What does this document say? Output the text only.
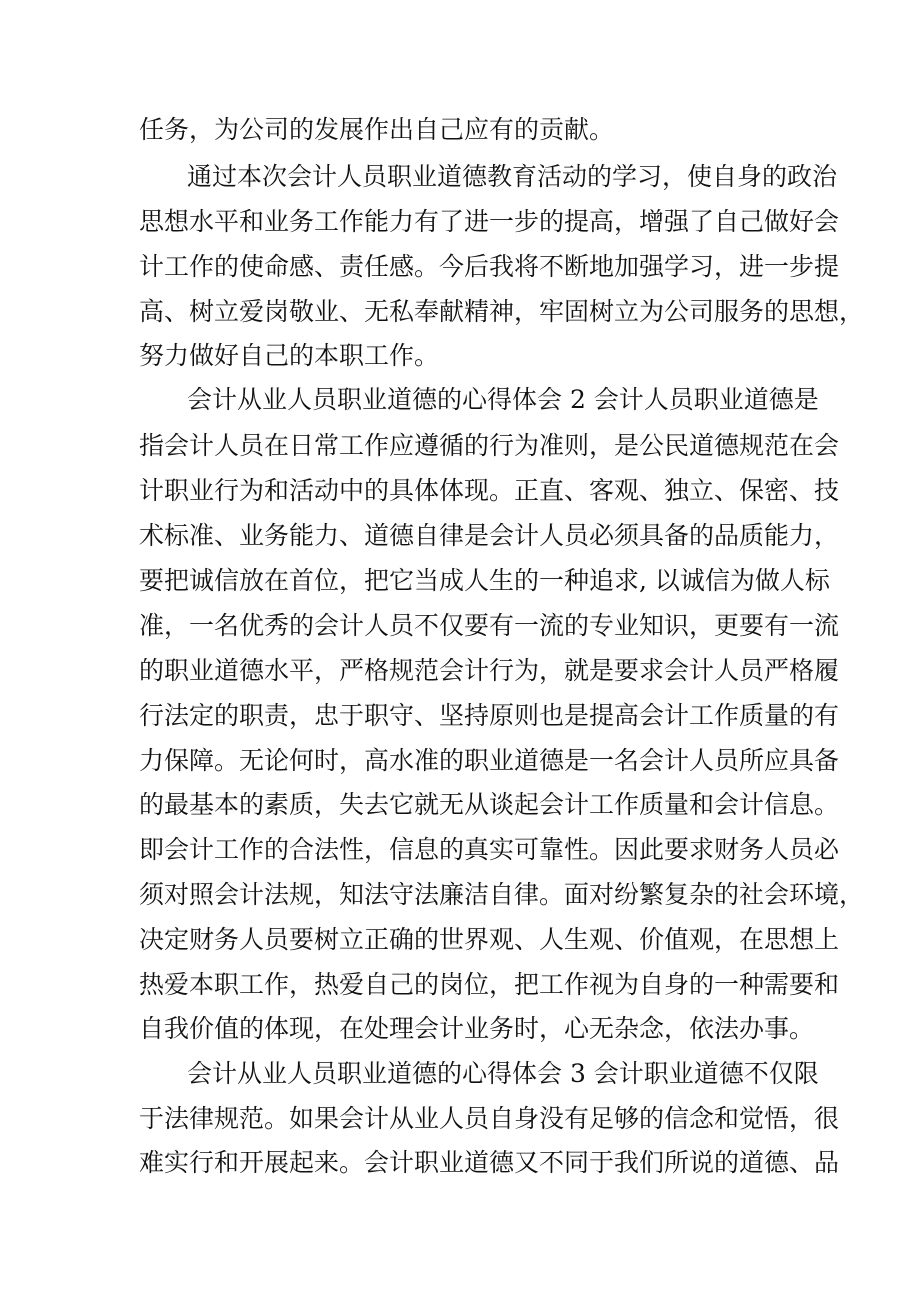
任务，为公司的发展作出自己应有的贡献。
通过本次会计人员职业道德教育活动的学习，使自身的政治
思想水平和业务工作能力有了进一步的提高，增强了自己做好会
计工作的使命感、责任感。今后我将不断地加强学习，进一步提
高、树立爱岗敬业、无私奉献精神，牢固树立为公司服务的思想，
努力做好自己的本职工作。
会计从业人员职业道德的心得体会 2 会计人员职业道德是
指会计人员在日常工作应遵循的行为准则，是公民道德规范在会
计职业行为和活动中的具体体现。正直、客观、独立、保密、技
术标准、业务能力、道德自律是会计人员必须具备的品质能力，
要把诚信放在首位，把它当成人生的一种追求, 以诚信为做人标
准，一名优秀的会计人员不仅要有一流的专业知识，更要有一流
的职业道德水平，严格规范会计行为，就是要求会计人员严格履
行法定的职责，忠于职守、坚持原则也是提高会计工作质量的有
力保障。无论何时，高水准的职业道德是一名会计人员所应具备
的最基本的素质，失去它就无从谈起会计工作质量和会计信息。
即会计工作的合法性，信息的真实可靠性。因此要求财务人员必
须对照会计法规，知法守法廉洁自律。面对纷繁复杂的社会环境，
决定财务人员要树立正确的世界观、人生观、价值观，在思想上
热爱本职工作，热爱自己的岗位，把工作视为自身的一种需要和
自我价值的体现，在处理会计业务时，心无杂念，依法办事。
会计从业人员职业道德的心得体会 3 会计职业道德不仅限
于法律规范。如果会计从业人员自身没有足够的信念和觉悟，很
难实行和开展起来。会计职业道德又不同于我们所说的道德、品
